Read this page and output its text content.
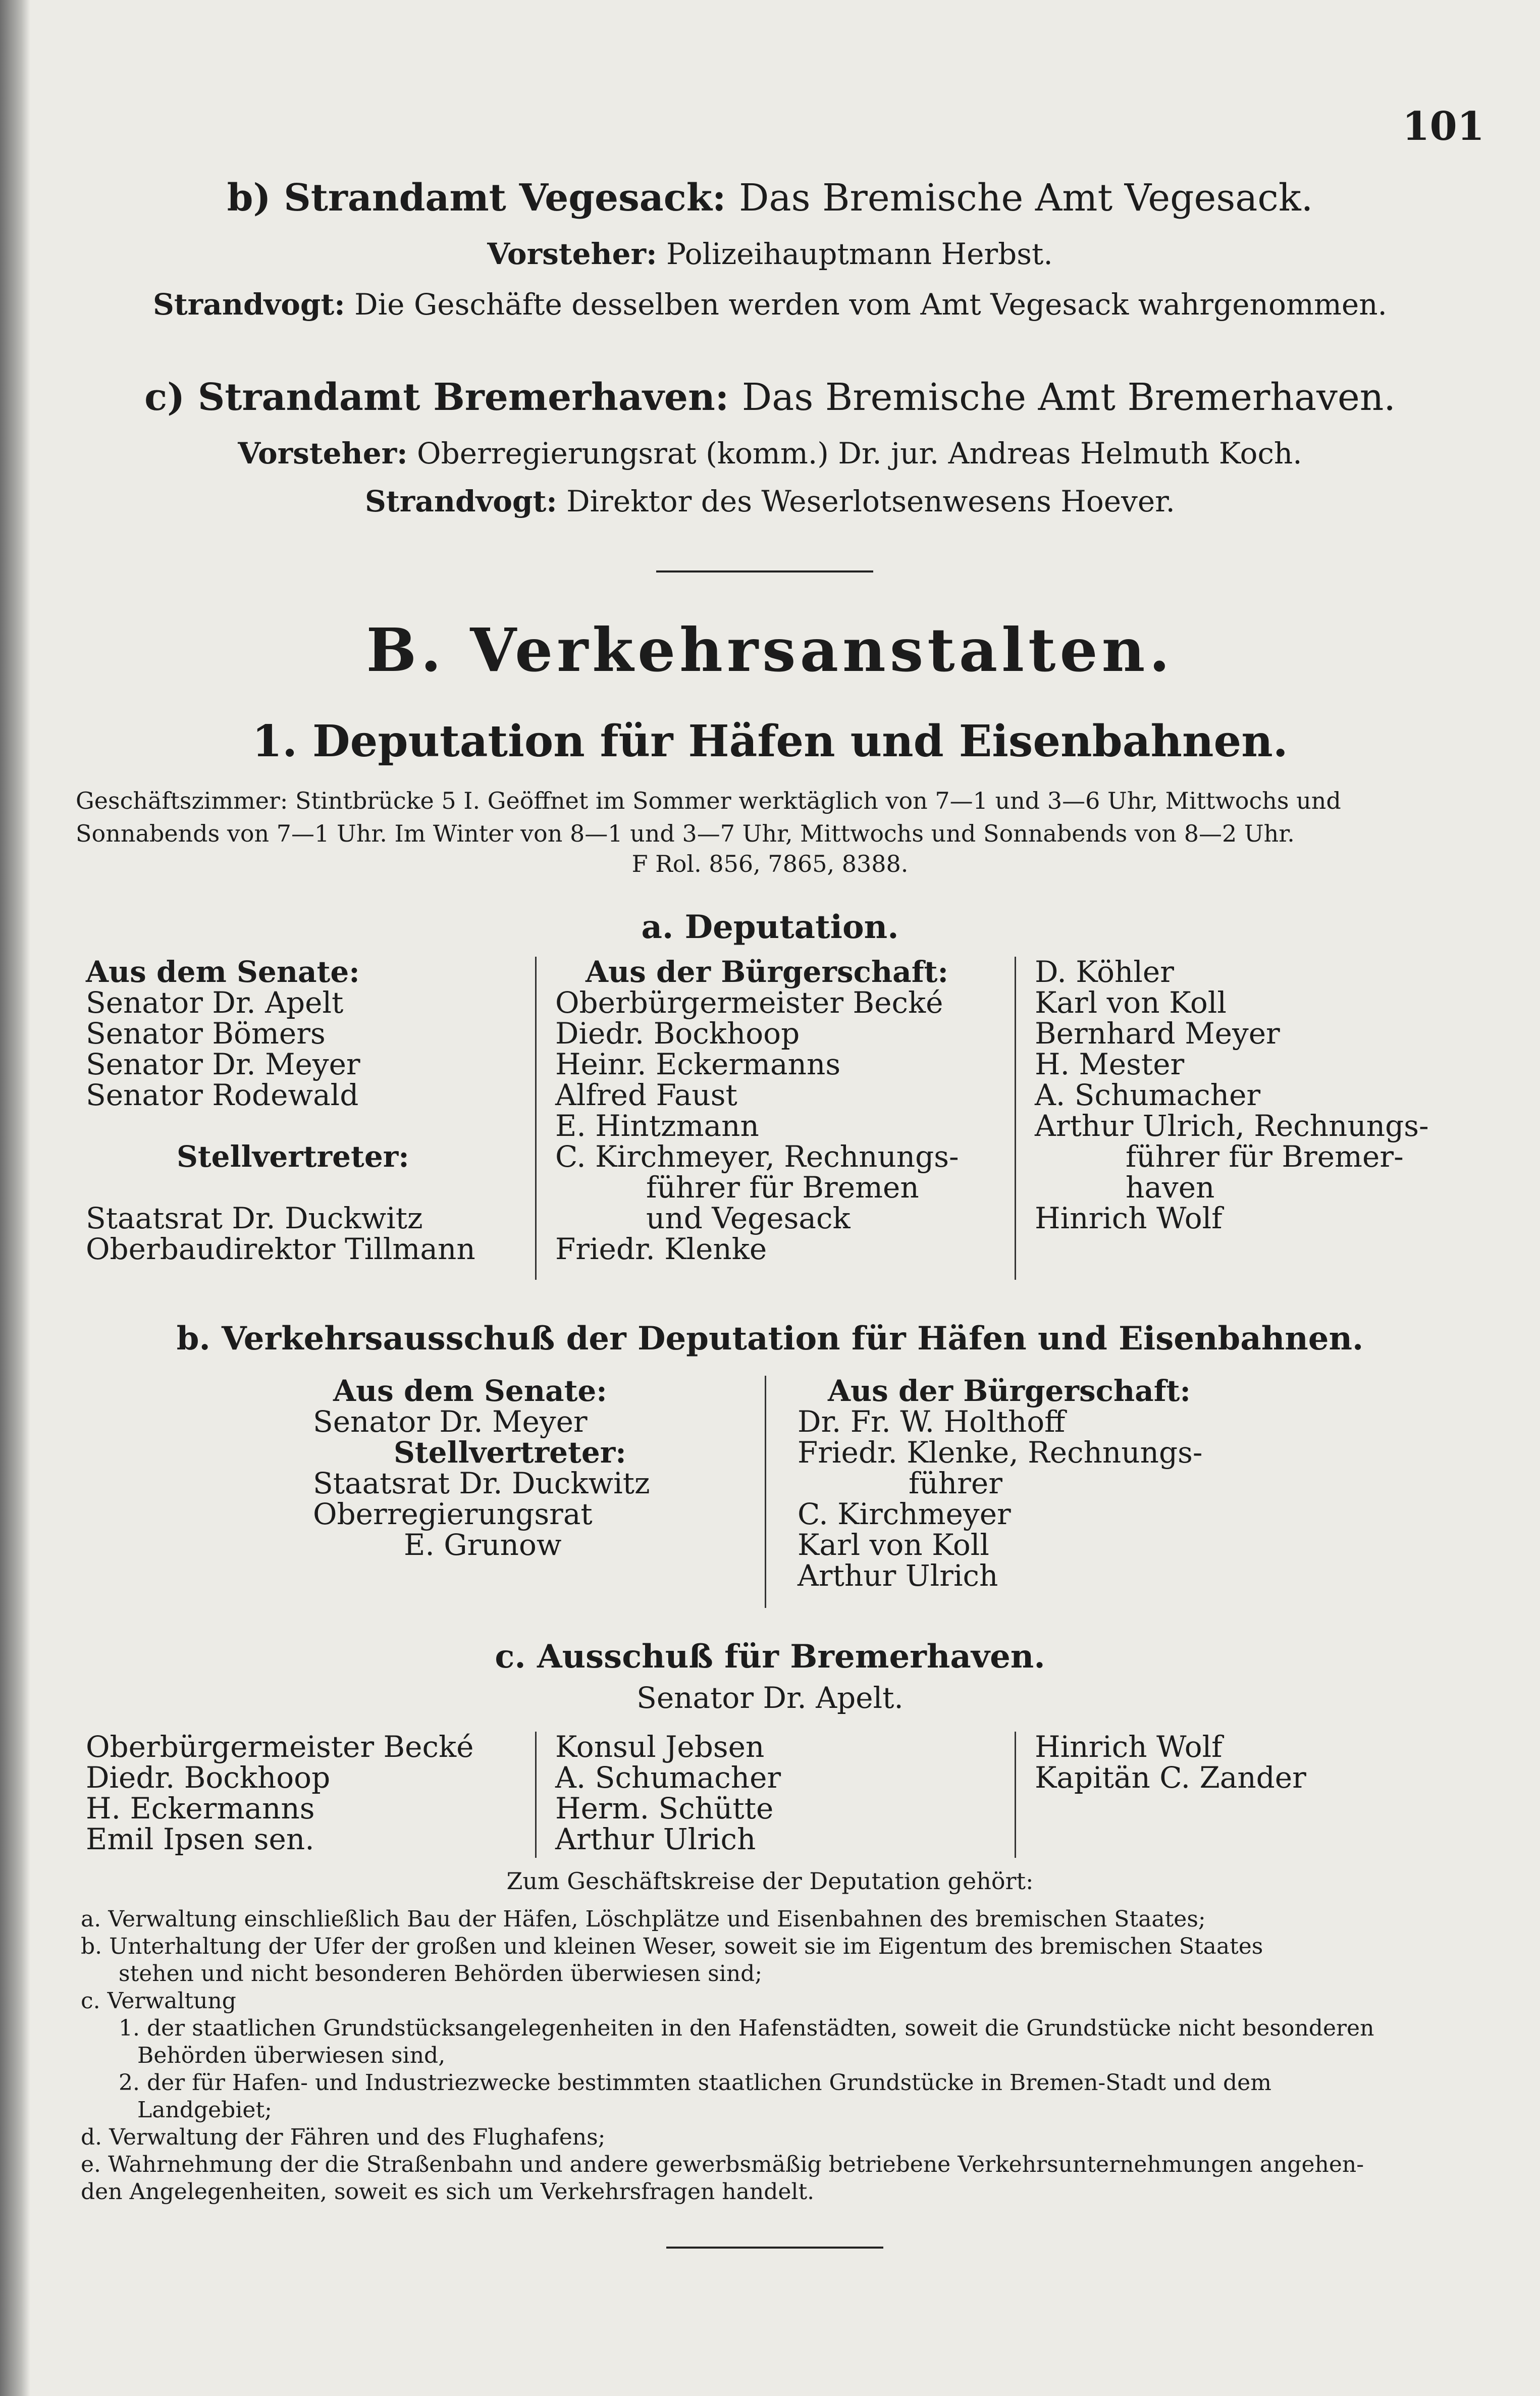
101
b) Strandamt Vegesack: Das Bremische Amt Vegesack.
Vorsteher: Polizeihauptmann Herbst.
Strandvogt: Die Geschäfte desselben werden vom Amt Vegesack wahrgenommen.
c) Strandamt Bremerhaven: Das Bremische Amt Bremerhaven.
Vorsteher: Oberregierungsrat (komm.) Dr. jur. Andreas Helmuth Koch.
Strandvogt: Direktor des Weserlotsenwesens Hoever.
B. Verkehrsanstalten.
1. Deputation für Häfen und Eisenbahnen.
Geschäftszimmer: Stintbrücke 5 I. Geöffnet im Sommer werktäglich von 7—1 und 3—6 Uhr, Mittwochs und
Sonnabends von 7—1 Uhr. Im Winter von 8—1 und 3—7 Uhr, Mittwochs und Sonnabends von 8—2 Uhr.
F Rol. 856, 7865, 8388.
a. Deputation.
Aus dem Senate:
Senator Dr. Apelt
Senator Bömers
Senator Dr. Meyer
Senator Rodewald
Stellvertreter:
Staatsrat Dr. Duckwitz
Oberbaudirektor Tillmann
Aus der Bürgerschaft:
Oberbürgermeister Becké
Diedr. Bockhoop
Heinr. Eckermanns
Alfred Faust
E. Hintzmann
C. Kirchmeyer, Rechnungs-
führer für Bremen
und Vegesack
Friedr. Klenke
D. Köhler
Karl von Koll
Bernhard Meyer
H. Mester
A. Schumacher
Arthur Ulrich, Rechnungs-
führer für Bremer-
haven
Hinrich Wolf
b. Verkehrsausschuß der Deputation für Häfen und Eisenbahnen.
Aus dem Senate:
Senator Dr. Meyer
Stellvertreter:
Staatsrat Dr. Duckwitz
Oberregierungsrat
E. Grunow
Aus der Bürgerschaft:
Dr. Fr. W. Holthoff
Friedr. Klenke, Rechnungs-
führer
C. Kirchmeyer
Karl von Koll
Arthur Ulrich
c. Ausschuß für Bremerhaven.
Senator Dr. Apelt.
Oberbürgermeister Becké
Diedr. Bockhoop
H. Eckermanns
Emil Ipsen sen.
Konsul Jebsen
A. Schumacher
Herm. Schütte
Arthur Ulrich
Hinrich Wolf
Kapitän C. Zander
Zum Geschäftskreise der Deputation gehört:
a. Verwaltung einschließlich Bau der Häfen, Löschplätze und Eisenbahnen des bremischen Staates;
b. Unterhaltung der Ufer der großen und kleinen Weser, soweit sie im Eigentum des bremischen Staates
stehen und nicht besonderen Behörden überwiesen sind;
c. Verwaltung
1. der staatlichen Grundstücksangelegenheiten in den Hafenstädten, soweit die Grundstücke nicht besonderen
Behörden überwiesen sind,
2. der für Hafen- und Industriezwecke bestimmten staatlichen Grundstücke in Bremen-Stadt und dem
Landgebiet;
d. Verwaltung der Fähren und des Flughafens;
e. Wahrnehmung der die Straßenbahn und andere gewerbsmäßig betriebene Verkehrsunternehmungen angehen-
den Angelegenheiten, soweit es sich um Verkehrsfragen handelt.
